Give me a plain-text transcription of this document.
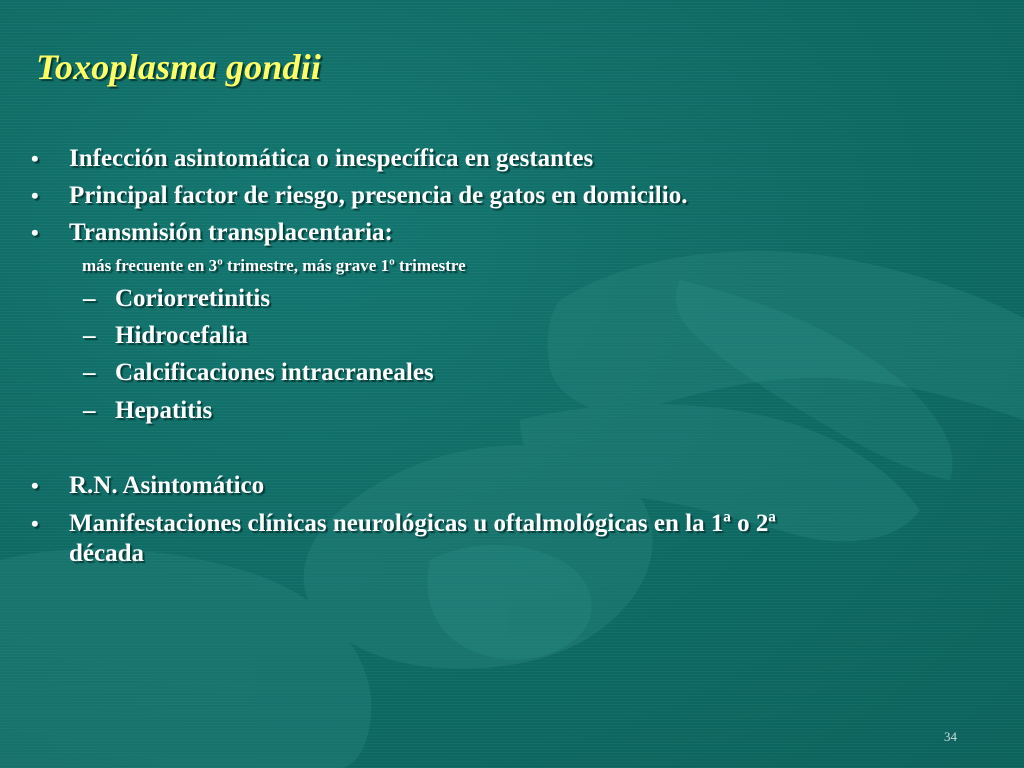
Toxoplasma gondii
• Infección asintomática o inespecífica en gestantes
• Principal factor de riesgo, presencia de gatos en domicilio.
• Transmisión transplacentaria:
más frecuente en 3º trimestre, más grave 1º trimestre
– Coriorretinitis
– Hidrocefalia
– Calcificaciones intracraneales
– Hepatitis
• R.N. Asintomático
• Manifestaciones clínicas neurológicas u oftalmológicas en la 1ª o 2ª
década
34
